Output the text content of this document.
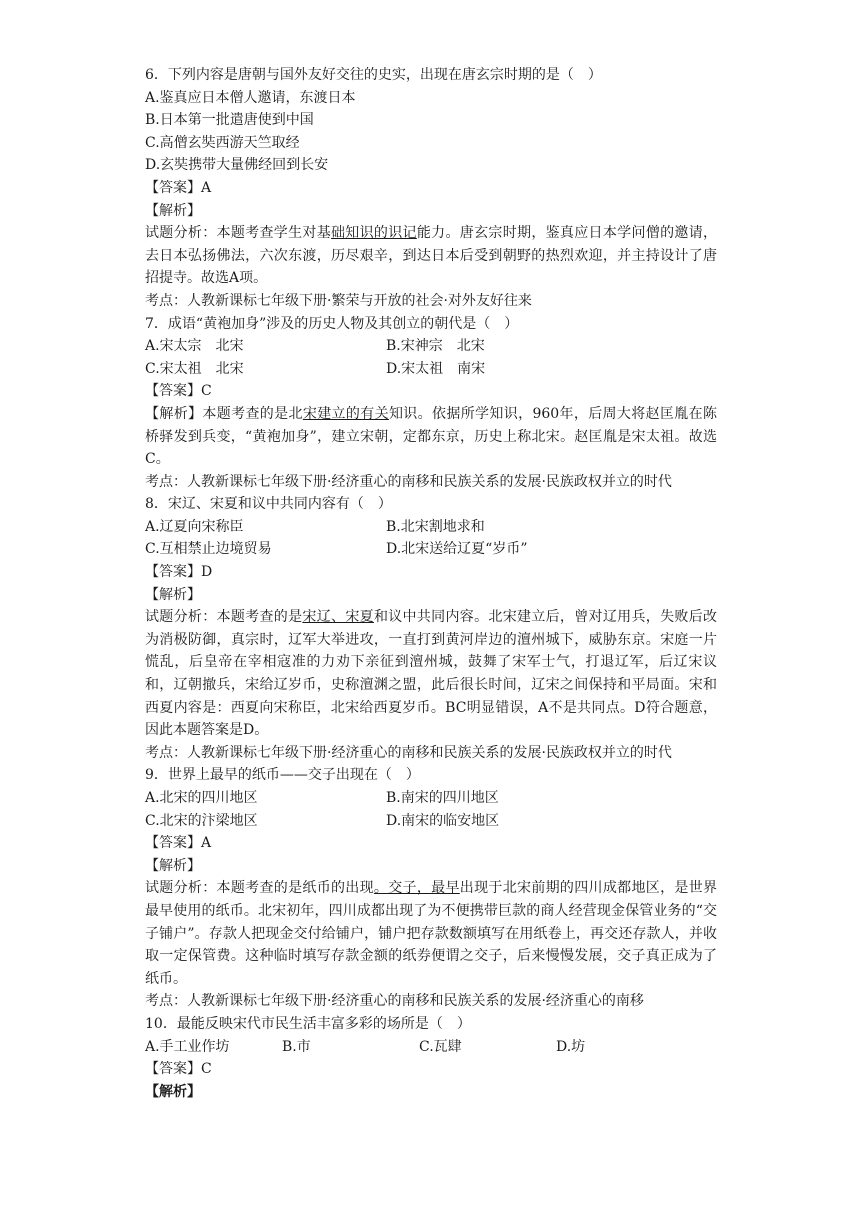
6．下列内容是唐朝与国外友好交往的史实，出现在唐玄宗时期的是（　）

A.鉴真应日本僧人邀请，东渡日本

B.日本第一批遣唐使到中国

C.高僧玄奘西游天竺取经

D.玄奘携带大量佛经回到长安

【答案】A

【解析】

试题分析：本题考查学生对基础知识的识记能力。唐玄宗时期，鉴真应日本学问僧的邀请，去日本弘扬佛法，六次东渡，历尽艰辛，到达日本后受到朝野的热烈欢迎，并主持设计了唐招提寺。故选A项。

考点：人教新课标七年级下册·繁荣与开放的社会·对外友好往来

7．成语“黄袍加身”涉及的历史人物及其创立的朝代是（　）

A.宋太宗　北宋	B.宋神宗　北宋
C.宋太祖　北宋	D.宋太祖　南宋

【答案】C

【解析】本题考查的是北宋建立的有关知识。依据所学知识，960年，后周大将赵匡胤在陈桥驿发到兵变，“黄袍加身”，建立宋朝，定都东京，历史上称北宋。赵匡胤是宋太祖。故选C。

考点：人教新课标七年级下册·经济重心的南移和民族关系的发展·民族政权并立的时代

8．宋辽、宋夏和议中共同内容有（　）

A.辽夏向宋称臣	B.北宋割地求和
C.互相禁止边境贸易	D.北宋送给辽夏“岁币”

【答案】D

【解析】

试题分析：本题考查的是宋辽、宋夏和议中共同内容。北宋建立后，曾对辽用兵，失败后改为消极防御，真宗时，辽军大举进攻，一直打到黄河岸边的澶州城下，威胁东京。宋庭一片慌乱，后皇帝在宰相寇准的力劝下亲征到澶州城，鼓舞了宋军士气，打退辽军，后辽宋议和，辽朝撤兵，宋给辽岁币，史称澶渊之盟，此后很长时间，辽宋之间保持和平局面。宋和西夏内容是：西夏向宋称臣，北宋给西夏岁币。BC明显错误，A不是共同点。D符合题意，因此本题答案是D。

考点：人教新课标七年级下册·经济重心的南移和民族关系的发展·民族政权并立的时代

9．世界上最早的纸币——交子出现在（　）

A.北宋的四川地区	B.南宋的四川地区
C.北宋的汴梁地区	D.南宋的临安地区

【答案】A

【解析】

试题分析：本题考查的是纸币的出现。交子，最早出现于北宋前期的四川成都地区，是世界最早使用的纸币。北宋初年，四川成都出现了为不便携带巨款的商人经营现金保管业务的“交子铺户”。存款人把现金交付给铺户，铺户把存款数额填写在用纸卷上，再交还存款人，并收取一定保管费。这种临时填写存款金额的纸券便谓之交子，后来慢慢发展，交子真正成为了纸币。

考点：人教新课标七年级下册·经济重心的南移和民族关系的发展·经济重心的南移

10．最能反映宋代市民生活丰富多彩的场所是（　）

A.手工业作坊	B.市	C.瓦肆	D.坊

【答案】C

【解析】
